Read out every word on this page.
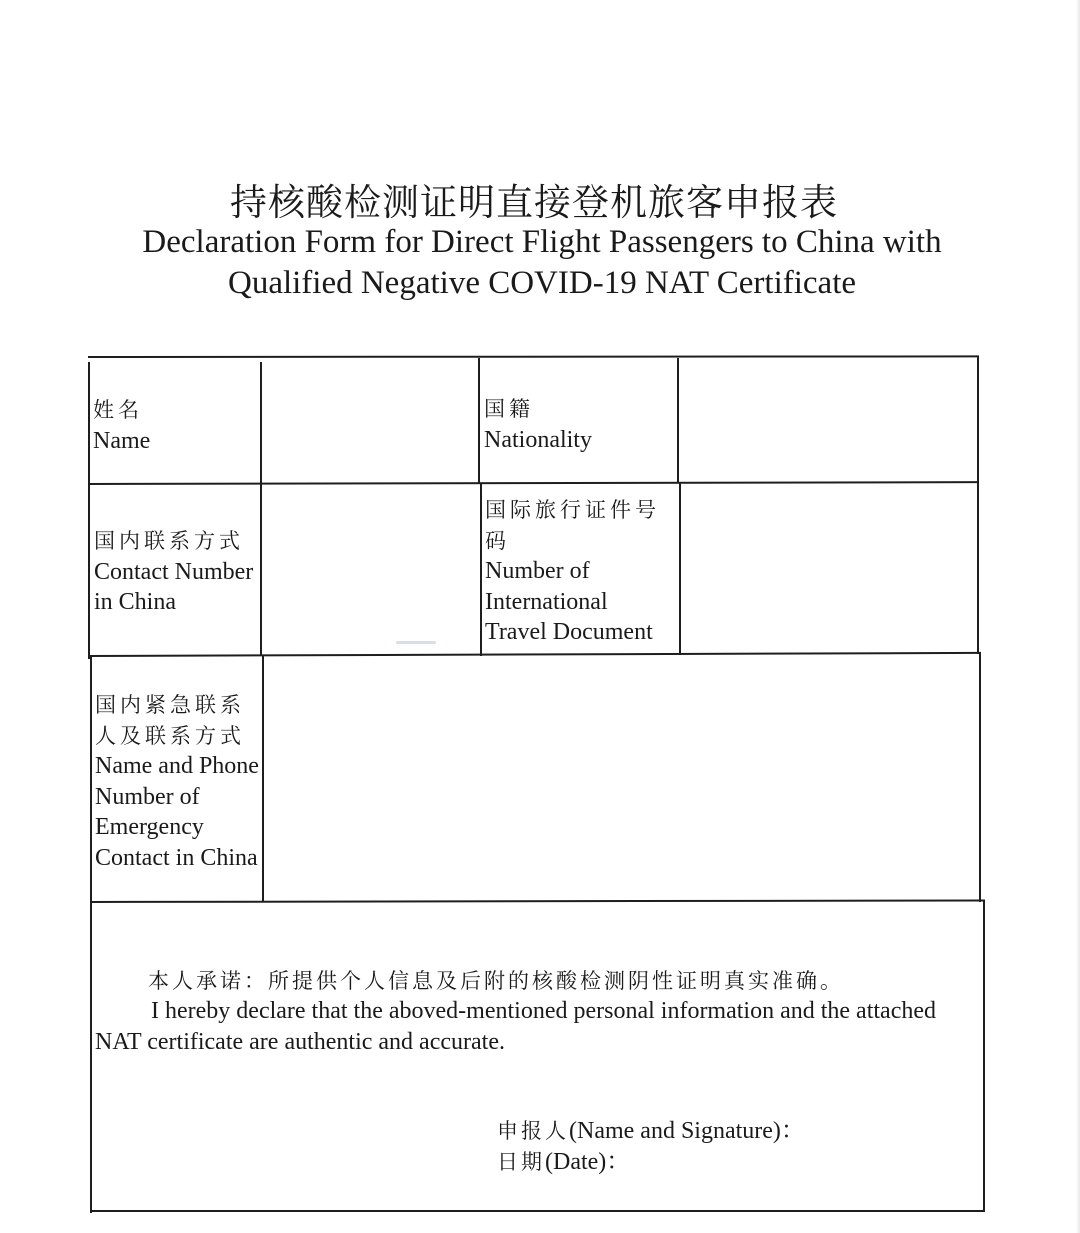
持核酸检测证明直接登机旅客申报表
Declaration Form for Direct Flight Passengers to China with
Qualified Negative COVID-19 NAT Certificate
姓名
Name
国籍
Nationality
国内联系方式
Contact Number
in China
国际旅行证件号
码
Number of
International
Travel Document
国内紧急联系
人及联系方式
Name and Phone
Number of
Emergency
Contact in China
本人承诺：所提供个人信息及后附的核酸检测阴性证明真实准确。
I hereby declare that the aboved-mentioned personal information and the attached
NAT certificate are authentic and accurate.
申报人(Name and Signature)：
日期(Date)：
